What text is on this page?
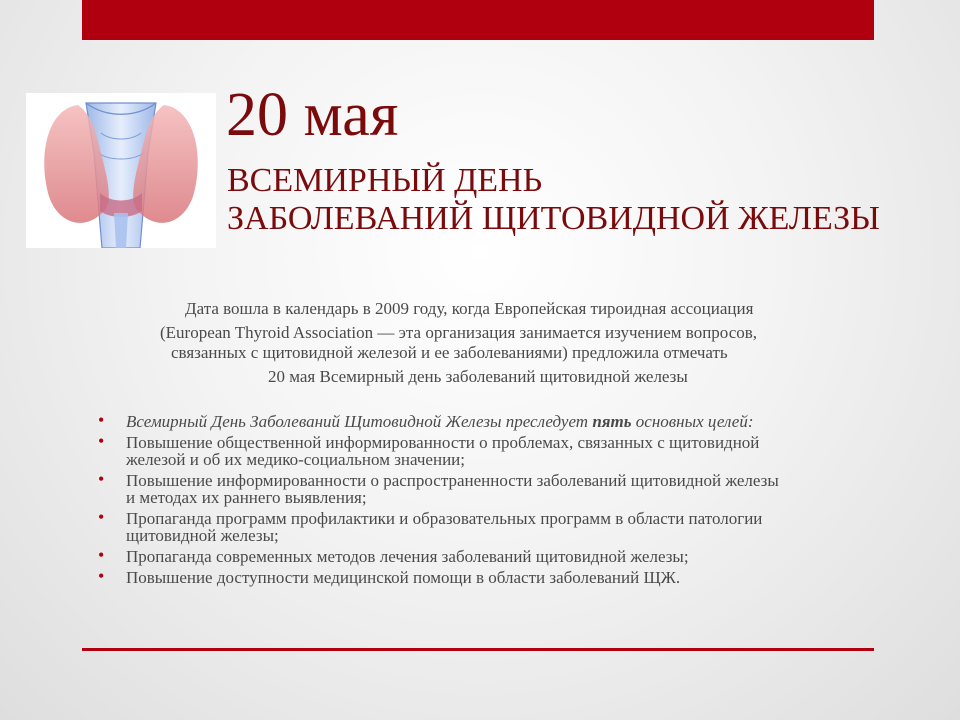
20 мая
ВСЕМИРНЫЙ ДЕНЬ
ЗАБОЛЕВАНИЙ ЩИТОВИДНОЙ ЖЕЛЕЗЫ
Дата вошла в календарь в 2009 году, когда Европейская тироидная ассоциация
(European Thyroid Association — эта организация занимается изучением вопросов,
связанных с щитовидной железой и ее заболеваниями) предложила отмечать
20 мая Всемирный день заболеваний щитовидной железы
• Всемирный День Заболеваний Щитовидной Железы преследует пять основных целей:
• Повышение общественной информированности о проблемах, связанных с щитовидной
железой и об их медико-социальном значении;
• Повышение информированности о распространенности заболеваний щитовидной железы
и методах их раннего выявления;
• Пропаганда программ профилактики и образовательных программ в области патологии
щитовидной железы;
• Пропаганда современных методов лечения заболеваний щитовидной железы;
• Повышение доступности медицинской помощи в области заболеваний ЩЖ.
